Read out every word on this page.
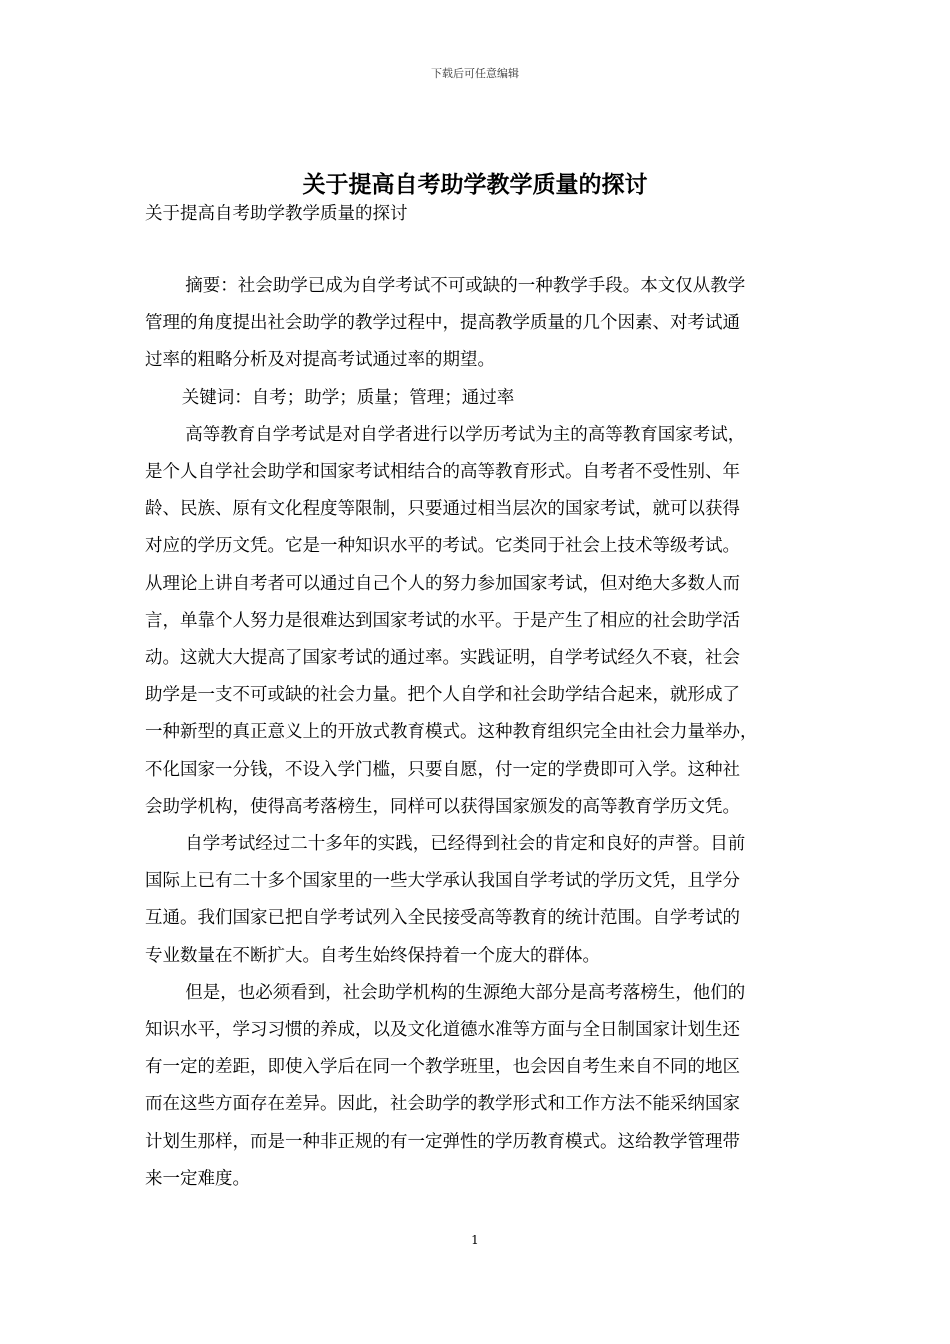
下载后可任意编辑
关于提高自考助学教学质量的探讨
关于提高自考助学教学质量的探讨

摘要：社会助学已成为自学考试不可或缺的一种教学手段。本文仅从教学

管理的角度提出社会助学的教学过程中，提高教学质量的几个因素、对考试通

过率的粗略分析及对提高考试通过率的期望。

关键词：自考；助学；质量；管理；通过率

高等教育自学考试是对自学者进行以学历考试为主的高等教育国家考试，

是个人自学社会助学和国家考试相结合的高等教育形式。自考者不受性别、年

龄、民族、原有文化程度等限制，只要通过相当层次的国家考试，就可以获得

对应的学历文凭。它是一种知识水平的考试。它类同于社会上技术等级考试。

从理论上讲自考者可以通过自己个人的努力参加国家考试，但对绝大多数人而

言，单靠个人努力是很难达到国家考试的水平。于是产生了相应的社会助学活

动。这就大大提高了国家考试的通过率。实践证明，自学考试经久不衰，社会

助学是一支不可或缺的社会力量。把个人自学和社会助学结合起来，就形成了

一种新型的真正意义上的开放式教育模式。这种教育组织完全由社会力量举办，

不化国家一分钱，不设入学门槛，只要自愿，付一定的学费即可入学。这种社

会助学机构，使得高考落榜生，同样可以获得国家颁发的高等教育学历文凭。

自学考试经过二十多年的实践，已经得到社会的肯定和良好的声誉。目前

国际上已有二十多个国家里的一些大学承认我国自学考试的学历文凭，且学分

互通。我们国家已把自学考试列入全民接受高等教育的统计范围。自学考试的

专业数量在不断扩大。自考生始终保持着一个庞大的群体。

但是，也必须看到，社会助学机构的生源绝大部分是高考落榜生，他们的

知识水平，学习习惯的养成，以及文化道德水准等方面与全日制国家计划生还

有一定的差距，即使入学后在同一个教学班里，也会因自考生来自不同的地区

而在这些方面存在差异。因此，社会助学的教学形式和工作方法不能采纳国家

计划生那样，而是一种非正规的有一定弹性的学历教育模式。这给教学管理带

来一定难度。

1
